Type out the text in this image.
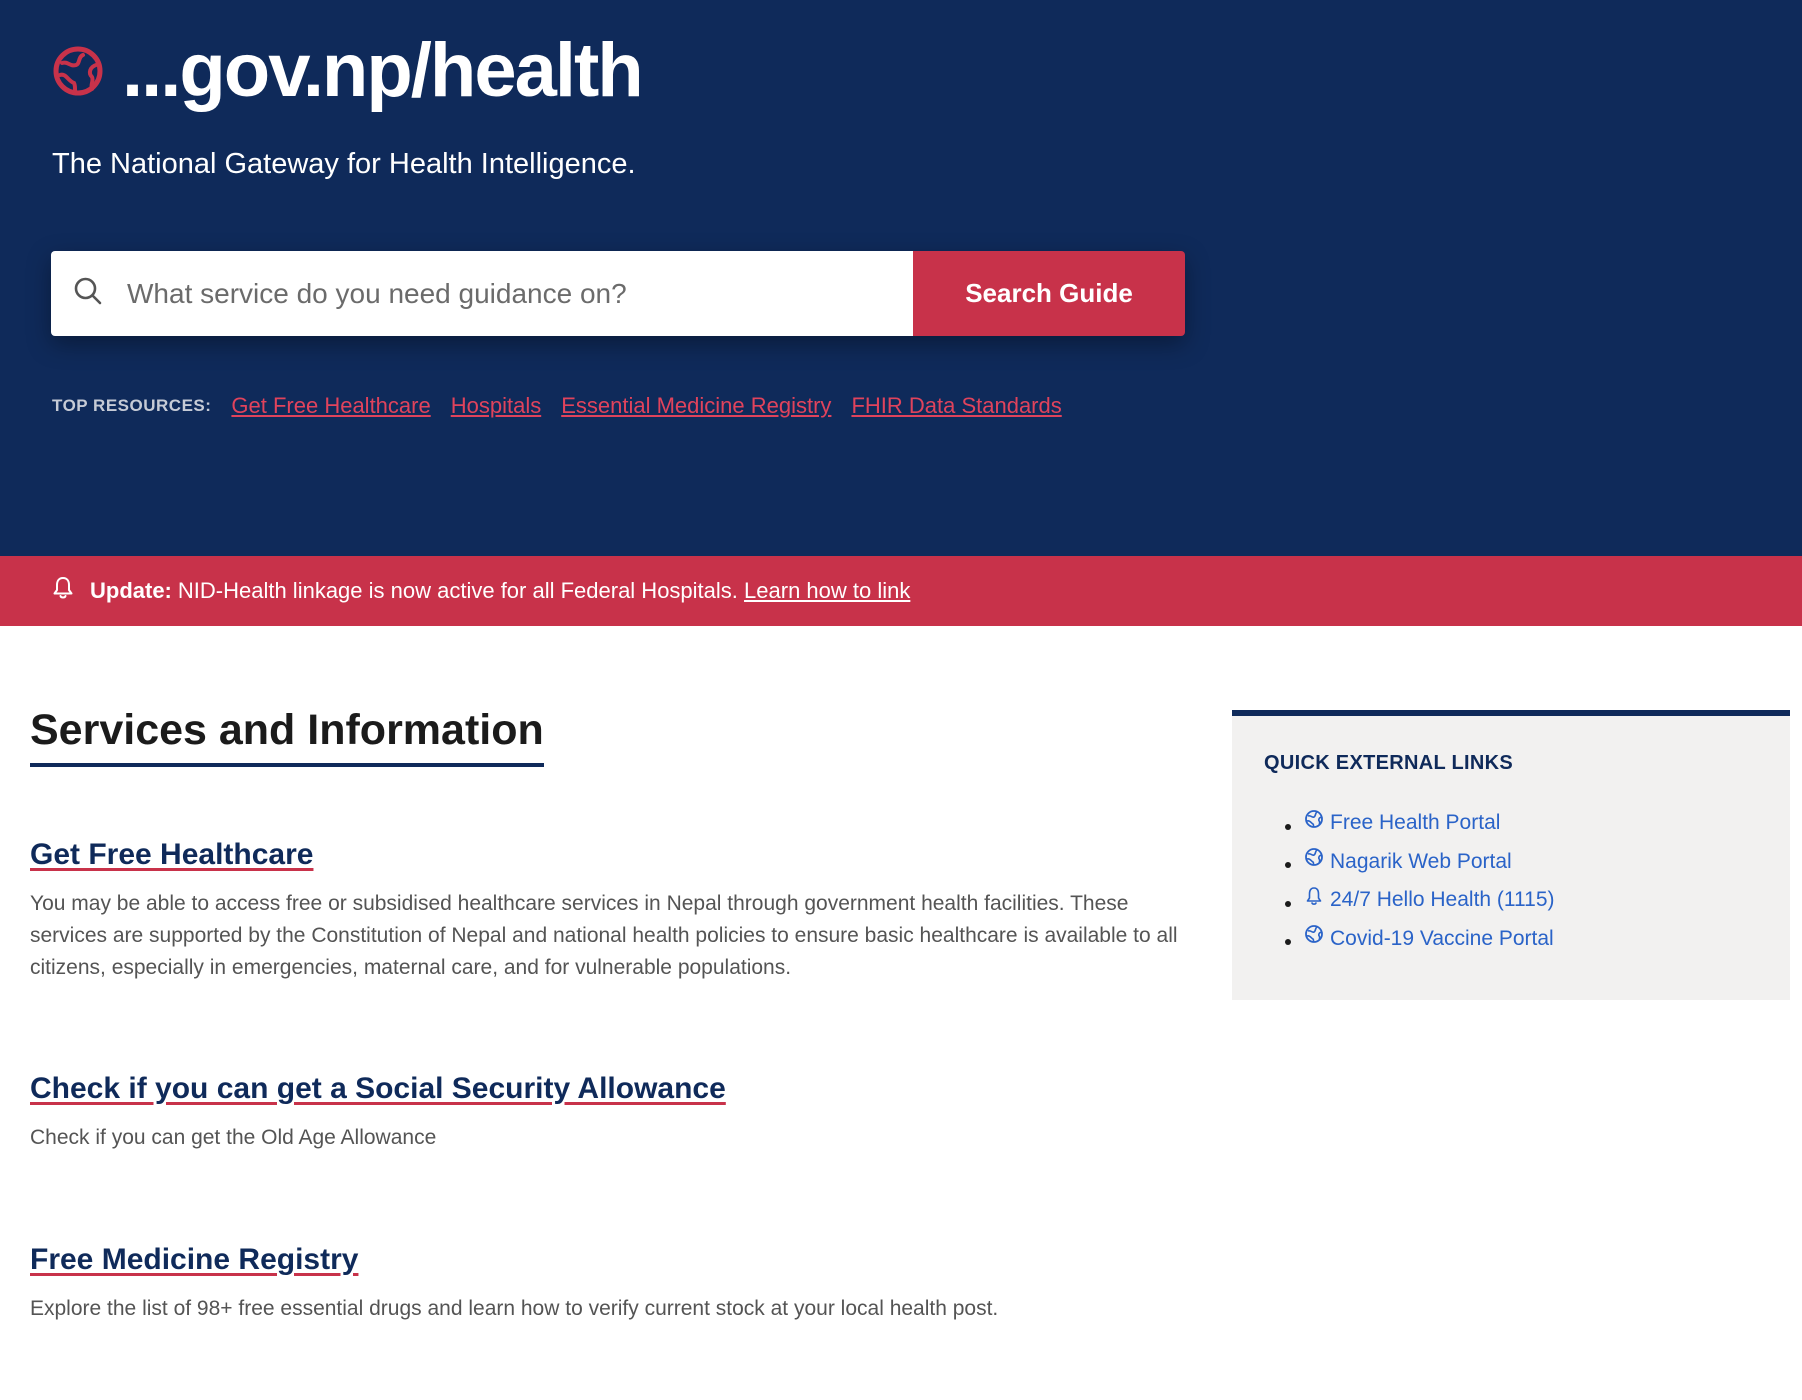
...gov.np/health
The National Gateway for Health Intelligence.
What service do you need guidance on?
Search Guide
TOP RESOURCES: Get Free Healthcare Hospitals Essential Medicine Registry FHIR Data Standards
Update: NID-Health linkage is now active for all Federal Hospitals.
Learn how to link
Services and Information
Get Free Healthcare

You may be able to access free or subsidised healthcare services in Nepal through government health facilities. These services are supported by the Constitution of Nepal and national health policies to ensure basic healthcare is available to all citizens, especially in emergencies, maternal care, and for vulnerable populations.

Check if you can get a Social Security Allowance

Check if you can get the Old Age Allowance

Free Medicine Registry

Explore the list of 98+ free essential drugs and learn how to verify current stock at your local health post.

QUICK EXTERNAL LINKS
• Free Health Portal
• Nagarik Web Portal
• 24/7 Hello Health (1115)
• Covid-19 Vaccine Portal
